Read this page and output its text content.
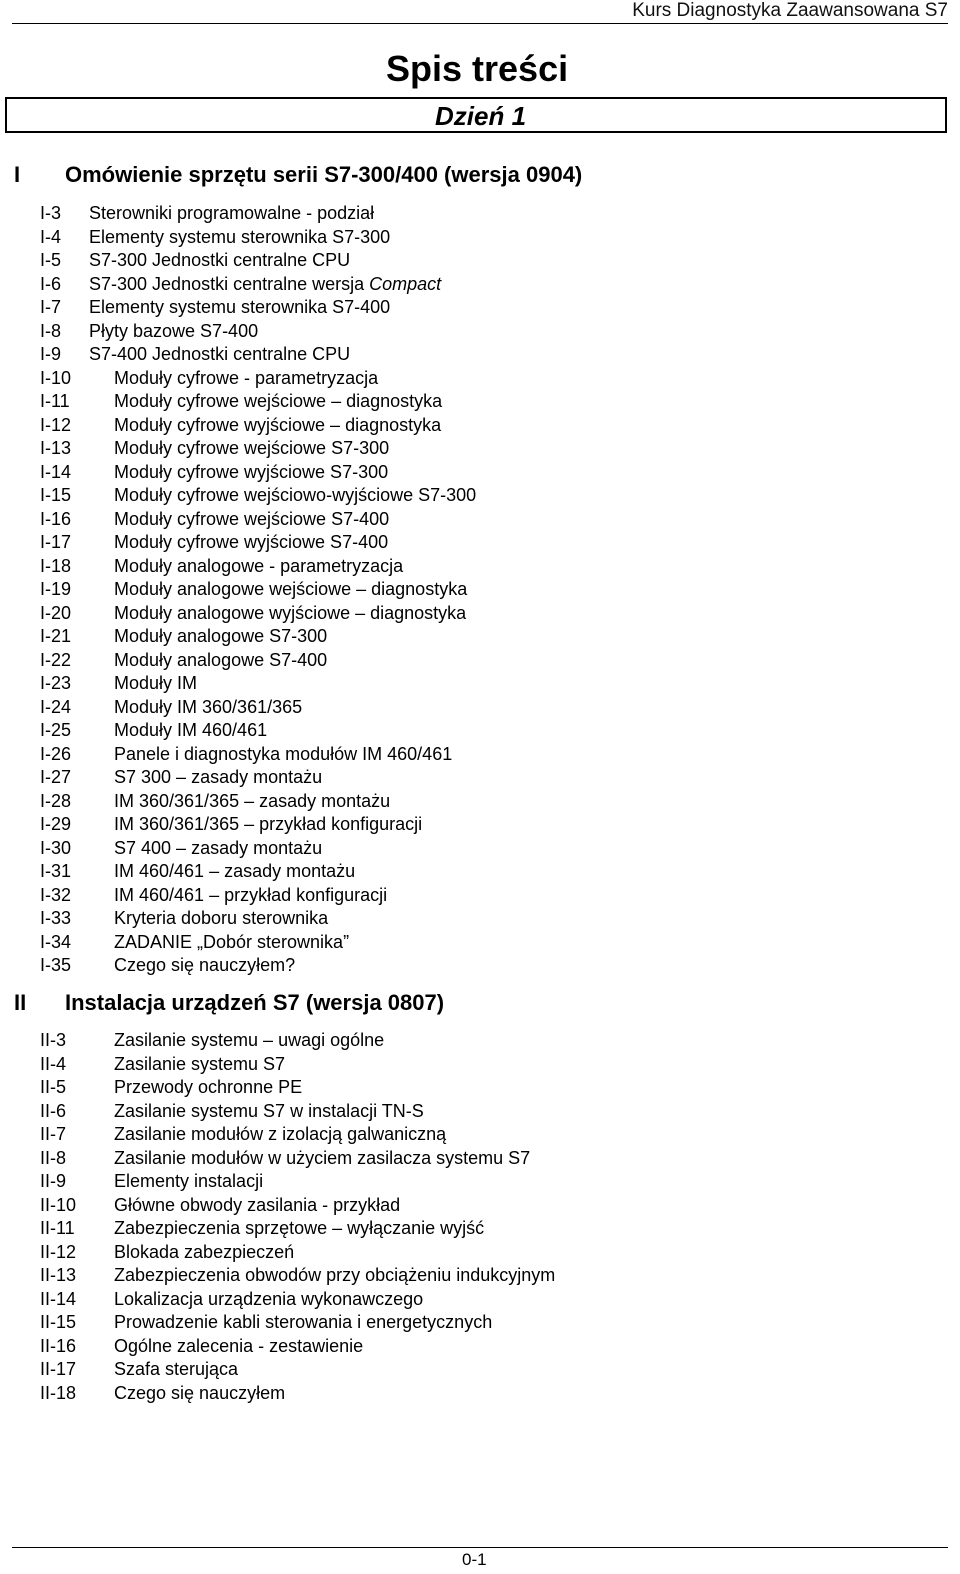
Kurs Diagnostyka Zaawansowana S7
Spis treści
Dzień 1
I Omówienie sprzętu serii S7-300/400 (wersja 0904)
I-3 Sterowniki programowalne - podział
I-4 Elementy systemu sterownika S7-300
I-5 S7-300 Jednostki centralne CPU
I-6 S7-300 Jednostki centralne wersja Compact
I-7 Elementy systemu sterownika S7-400
I-8 Płyty bazowe S7-400
I-9 S7-400 Jednostki centralne CPU
I-10 Moduły cyfrowe - parametryzacja
I-11 Moduły cyfrowe wejściowe – diagnostyka
I-12 Moduły cyfrowe wyjściowe – diagnostyka
I-13 Moduły cyfrowe wejściowe S7-300
I-14 Moduły cyfrowe wyjściowe S7-300
I-15 Moduły cyfrowe wejściowo-wyjściowe S7-300
I-16 Moduły cyfrowe wejściowe S7-400
I-17 Moduły cyfrowe wyjściowe S7-400
I-18 Moduły analogowe - parametryzacja
I-19 Moduły analogowe wejściowe – diagnostyka
I-20 Moduły analogowe wyjściowe – diagnostyka
I-21 Moduły analogowe S7-300
I-22 Moduły analogowe S7-400
I-23 Moduły IM
I-24 Moduły IM 360/361/365
I-25 Moduły IM 460/461
I-26 Panele i diagnostyka modułów IM 460/461
I-27 S7 300 – zasady montażu
I-28 IM 360/361/365 – zasady montażu
I-29 IM 360/361/365 – przykład konfiguracji
I-30 S7 400 – zasady montażu
I-31 IM 460/461 – zasady montażu
I-32 IM 460/461 – przykład konfiguracji
I-33 Kryteria doboru sterownika
I-34 ZADANIE „Dobór sterownika”
I-35 Czego się nauczyłem?
II Instalacja urządzeń S7 (wersja 0807)
II-3	Zasilanie systemu – uwagi ogólne
II-4	Zasilanie systemu S7
II-5	Przewody ochronne PE
II-6	Zasilanie systemu S7 w instalacji TN-S
II-7	Zasilanie modułów z izolacją galwaniczną
II-8	Zasilanie modułów w użyciem zasilacza systemu S7
II-9	Elementy instalacji
II-10 Główne obwody zasilania - przykład
II-11 Zabezpieczenia sprzętowe – wyłączanie wyjść
II-12 Blokada zabezpieczeń
II-13 Zabezpieczenia obwodów przy obciążeniu indukcyjnym
II-14 Lokalizacja urządzenia wykonawczego
II-15 Prowadzenie kabli sterowania i energetycznych
II-16 Ogólne zalecenia - zestawienie
II-17 Szafa sterująca
II-18 Czego się nauczyłem
0-1
